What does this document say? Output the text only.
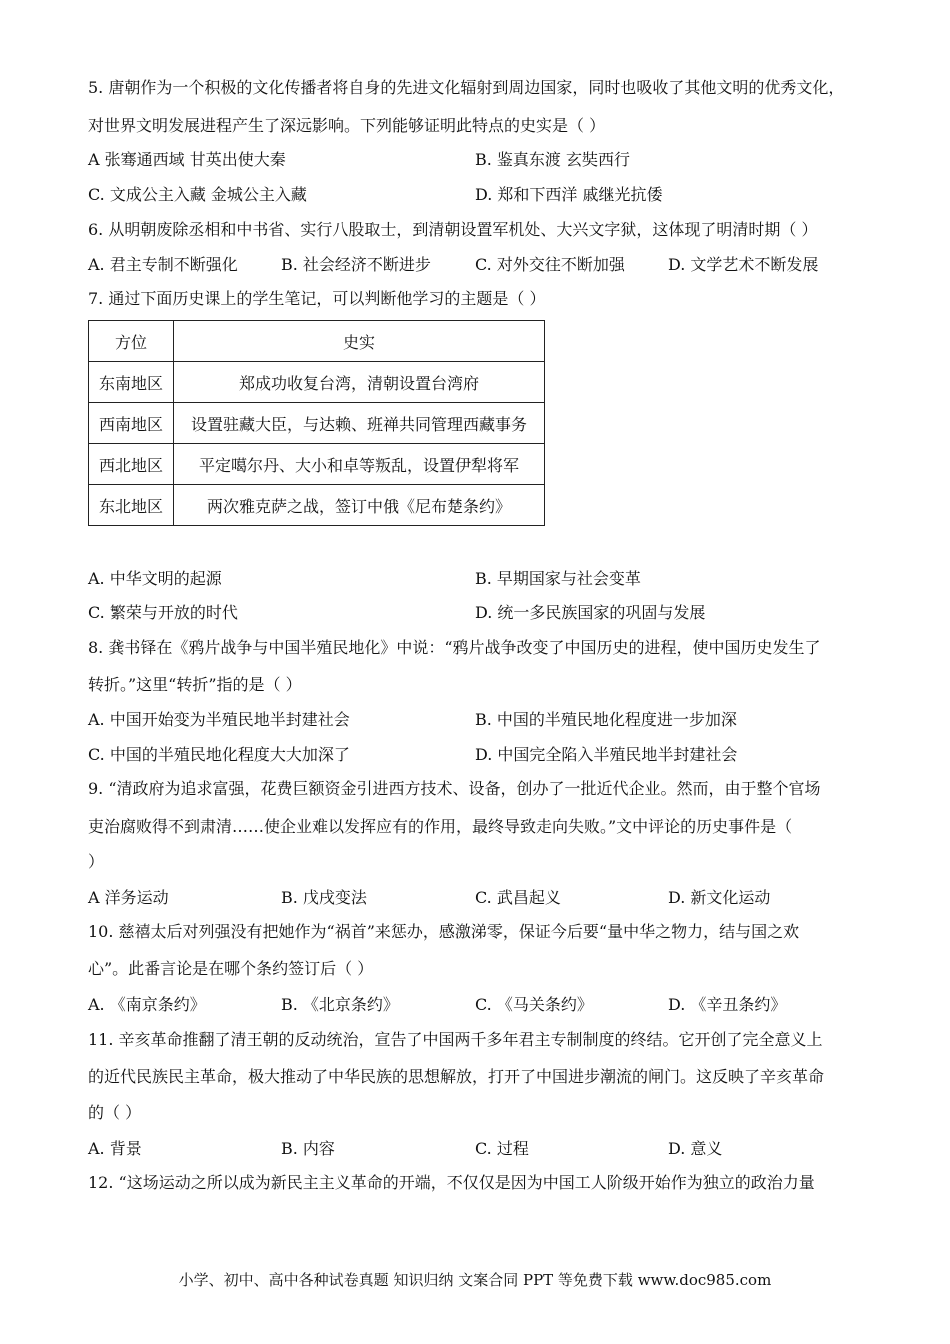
5. 唐朝作为一个积极的文化传播者将自身的先进文化辐射到周边国家，同时也吸收了其他文明的优秀文化，
对世界文明发展进程产生了深远影响。下列能够证明此特点的史实是（ ）
A 张骞通西域 甘英出使大秦	B. 鉴真东渡 玄奘西行
C. 文成公主入藏 金城公主入藏	D. 郑和下西洋 戚继光抗倭
6. 从明朝废除丞相和中书省、实行八股取士，到清朝设置军机处、大兴文字狱，这体现了明清时期（ ）
A. 君主专制不断强化	B. 社会经济不断进步	C. 对外交往不断加强	D. 文学艺术不断发展
7. 通过下面历史课上的学生笔记，可以判断他学习的主题是（ ）
方位	史实
东南地区	郑成功收复台湾，清朝设置台湾府
西南地区	设置驻藏大臣，与达赖、班禅共同管理西藏事务
西北地区	平定噶尔丹、大小和卓等叛乱，设置伊犁将军
东北地区	两次雅克萨之战，签订中俄《尼布楚条约》
A. 中华文明的起源	B. 早期国家与社会变革
C. 繁荣与开放的时代	D. 统一多民族国家的巩固与发展
8. 龚书铎在《鸦片战争与中国半殖民地化》中说：“鸦片战争改变了中国历史的进程，使中国历史发生了
转折。”这里“转折”指的是（ ）
A. 中国开始变为半殖民地半封建社会	B. 中国的半殖民地化程度进一步加深
C. 中国的半殖民地化程度大大加深了	D. 中国完全陷入半殖民地半封建社会
9. “清政府为追求富强，花费巨额资金引进西方技术、设备，创办了一批近代企业。然而，由于整个官场
吏治腐败得不到肃清……使企业难以发挥应有的作用，最终导致走向失败。”文中评论的历史事件是（
）
A 洋务运动	B. 戊戌变法	C. 武昌起义	D. 新文化运动
10. 慈禧太后对列强没有把她作为“祸首”来惩办，感激涕零，保证今后要“量中华之物力，结与国之欢
心”。此番言论是在哪个条约签订后（ ）
A. 《南京条约》	B. 《北京条约》	C. 《马关条约》	D. 《辛丑条约》
11. 辛亥革命推翻了清王朝的反动统治，宣告了中国两千多年君主专制制度的终结。它开创了完全意义上
的近代民族民主革命，极大推动了中华民族的思想解放，打开了中国进步潮流的闸门。这反映了辛亥革命
的（ ）
A. 背景	B. 内容	C. 过程	D. 意义
12. “这场运动之所以成为新民主主义革命的开端，不仅仅是因为中国工人阶级开始作为独立的政治力量
小学、初中、高中各种试卷真题 知识归纳 文案合同 PPT 等免费下载 www.doc985.com
